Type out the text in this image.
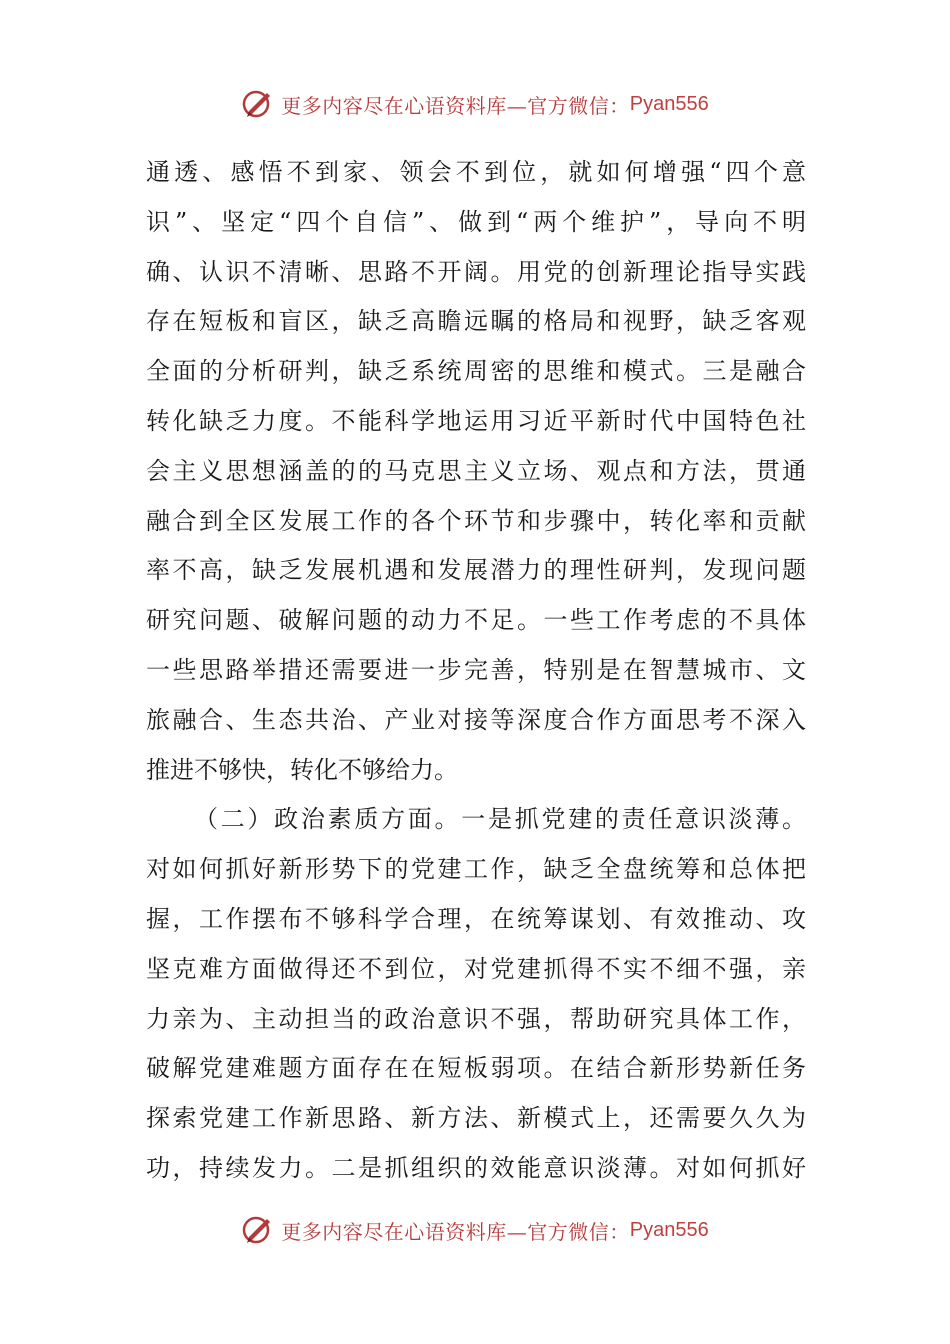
更多内容尽在心语资料库—官方微信： Pyan556
通透、感悟不到家、领会不到位，就如何增强“四个意
识”、坚定“四个自信”、做到“两个维护”，导向不明
确、认识不清晰、思路不开阔。用党的创新理论指导实践
存在短板和盲区，缺乏高瞻远瞩的格局和视野，缺乏客观
全面的分析研判，缺乏系统周密的思维和模式。三是融合
转化缺乏力度。不能科学地运用习近平新时代中国特色社
会主义思想涵盖的的马克思主义立场、观点和方法，贯通
融合到全区发展工作的各个环节和步骤中，转化率和贡献
率不高，缺乏发展机遇和发展潜力的理性研判，发现问题
研究问题、破解问题的动力不足。一些工作考虑的不具体
一些思路举措还需要进一步完善，特别是在智慧城市、文
旅融合、生态共治、产业对接等深度合作方面思考不深入
推进不够快，转化不够给力。
（二）政治素质方面。一是抓党建的责任意识淡薄。
对如何抓好新形势下的党建工作，缺乏全盘统筹和总体把
握，工作摆布不够科学合理，在统筹谋划、有效推动、攻
坚克难方面做得还不到位，对党建抓得不实不细不强，亲
力亲为、主动担当的政治意识不强，帮助研究具体工作，
破解党建难题方面存在在短板弱项。在结合新形势新任务
探索党建工作新思路、新方法、新模式上，还需要久久为
功，持续发力。二是抓组织的效能意识淡薄。对如何抓好
更多内容尽在心语资料库—官方微信： Pyan556
